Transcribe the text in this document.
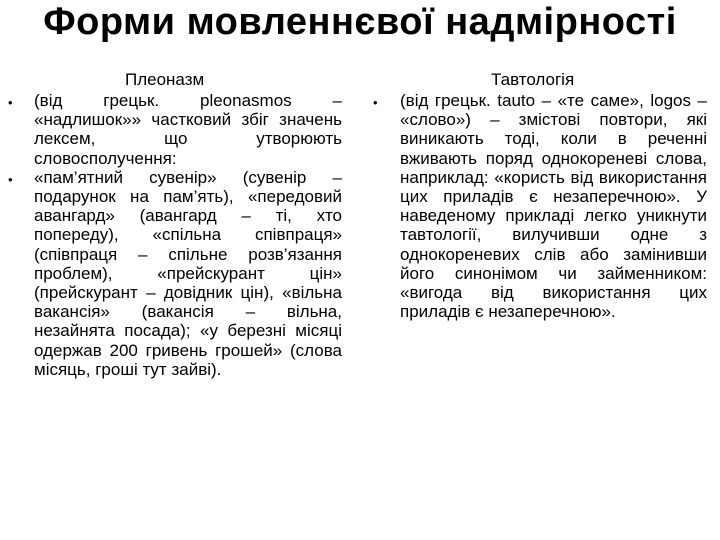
Форми мовленнєвої надмірності
Плеоназм
• (від грецьк. pleonasmos – «надлишок»» частковий збіг значень лексем, що утворюють словосполучення:
• «пам’ятний сувенір» (сувенір – подарунок на пам’ять), «передовий авангард» (авангард – ті, хто попереду), «спільна співпраця» (співпраця – спільне розв’язання проблем), «прейскурант цін» (прейскурант – довідник цін), «вільна вакансія» (вакансія – вільна, незайнята посада); «у березні місяці одержав 200 гривень грошей» (слова місяць, гроші тут зайві).
Тавтологія
• (від грецьк. tauto – «те саме», logos – «слово») – змістові повтори, які виникають тоді, коли в реченні вживають поряд однокореневі слова, наприклад: «користь від використання цих приладів є незаперечною». У наведеному прикладі легко уникнути тавтології, вилучивши одне з однокореневих слів або замінивши його синонімом чи займенником: «вигода від використання цих приладів є незаперечною».
